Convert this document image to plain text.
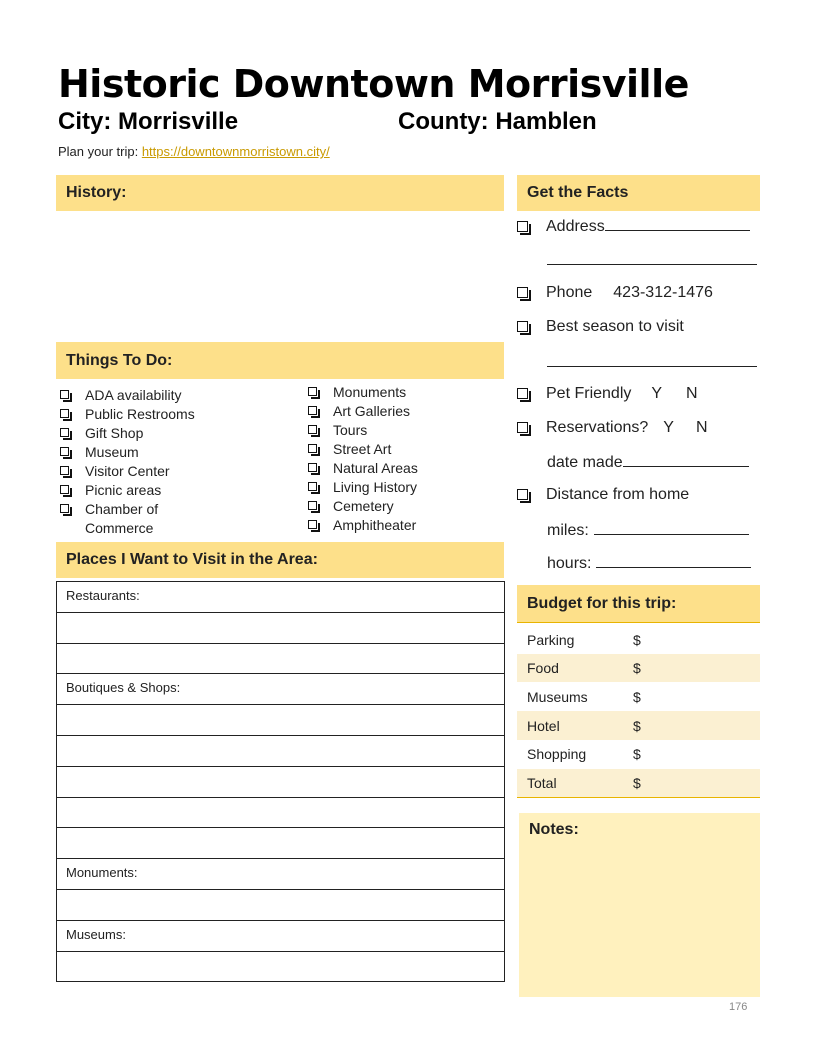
Historic Downtown Morrisville
City: Morrisville	County: Hamblen
Plan your trip: https://downtownmorristown.city/
History:
Things To Do:
ADA availability
Public Restrooms
Gift Shop
Museum
Visitor Center
Picnic areas
Chamber of Commerce
Monuments
Art Galleries
Tours
Street Art
Natural Areas
Living History
Cemetery
Amphitheater
Places I Want to Visit in the Area:
Restaurants:

Boutiques & Shops:

Monuments:

Museums:

Get the Facts
Address
Phone 423-312-1476
Best season to visit
Pet Friendly Y N
Reservations? Y N
date made
Distance from home
miles:
hours:
Budget for this trip:
Parking	$
Food	$
Museums	$
Hotel	$
Shopping	$
Total	$
Notes:
176
